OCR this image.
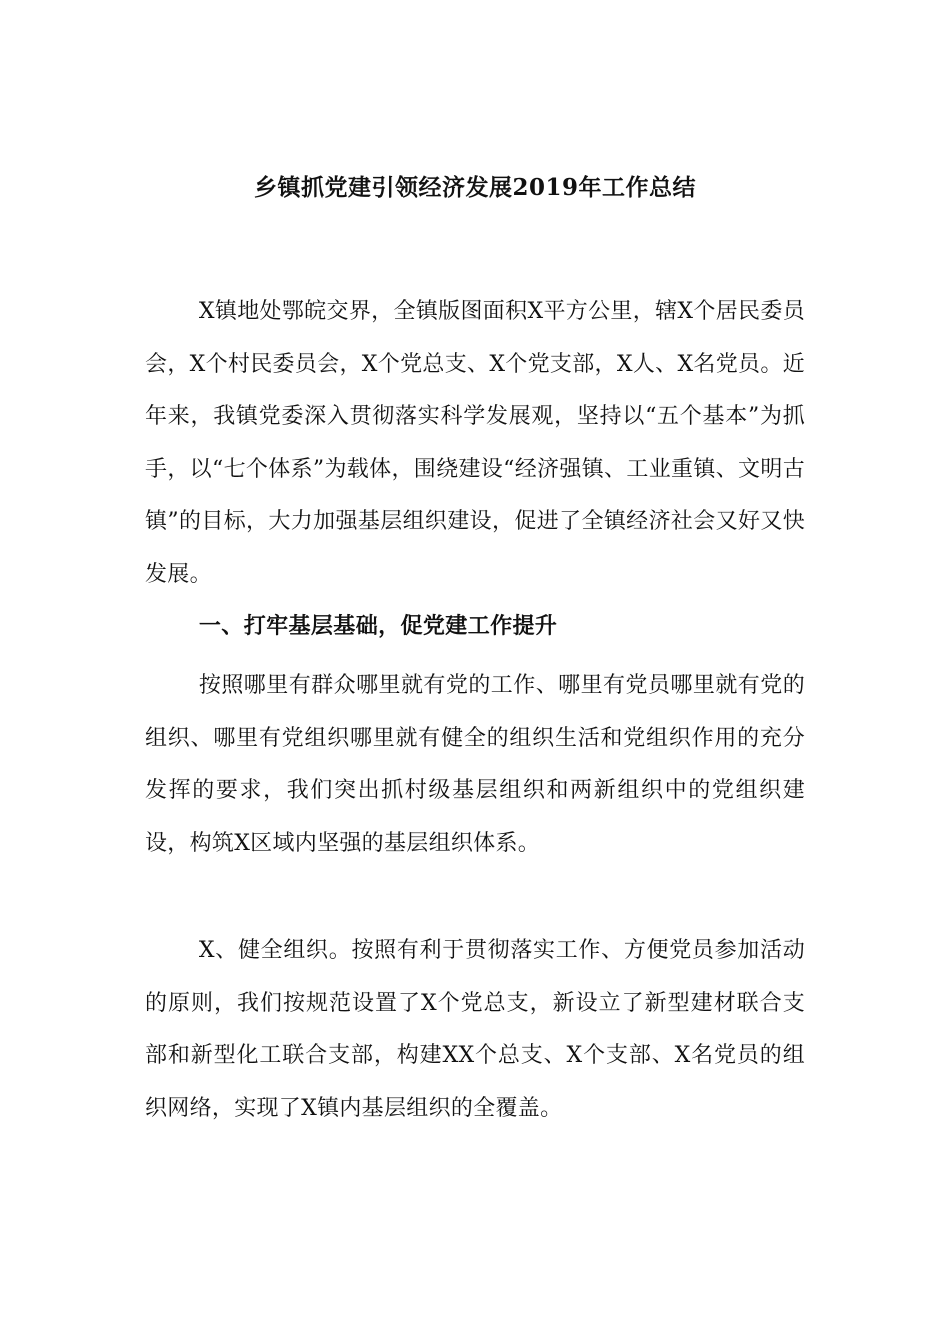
乡镇抓党建引领经济发展2019年工作总结

X镇地处鄂皖交界，全镇版图面积X平方公里，辖X个居民委员会，X个村民委员会，X个党总支、X个党支部，X人、X名党员。近年来，我镇党委深入贯彻落实科学发展观，坚持以“五个基本”为抓手，以“七个体系”为载体，围绕建设“经济强镇、工业重镇、文明古镇”的目标，大力加强基层组织建设，促进了全镇经济社会又好又快发展。

一、打牢基层基础，促党建工作提升

按照哪里有群众哪里就有党的工作、哪里有党员哪里就有党的组织、哪里有党组织哪里就有健全的组织生活和党组织作用的充分发挥的要求，我们突出抓村级基层组织和两新组织中的党组织建设，构筑X区域内坚强的基层组织体系。

X、健全组织。按照有利于贯彻落实工作、方便党员参加活动的原则，我们按规范设置了X个党总支，新设立了新型建材联合支部和新型化工联合支部，构建XX个总支、X个支部、X名党员的组织网络，实现了X镇内基层组织的全覆盖。
